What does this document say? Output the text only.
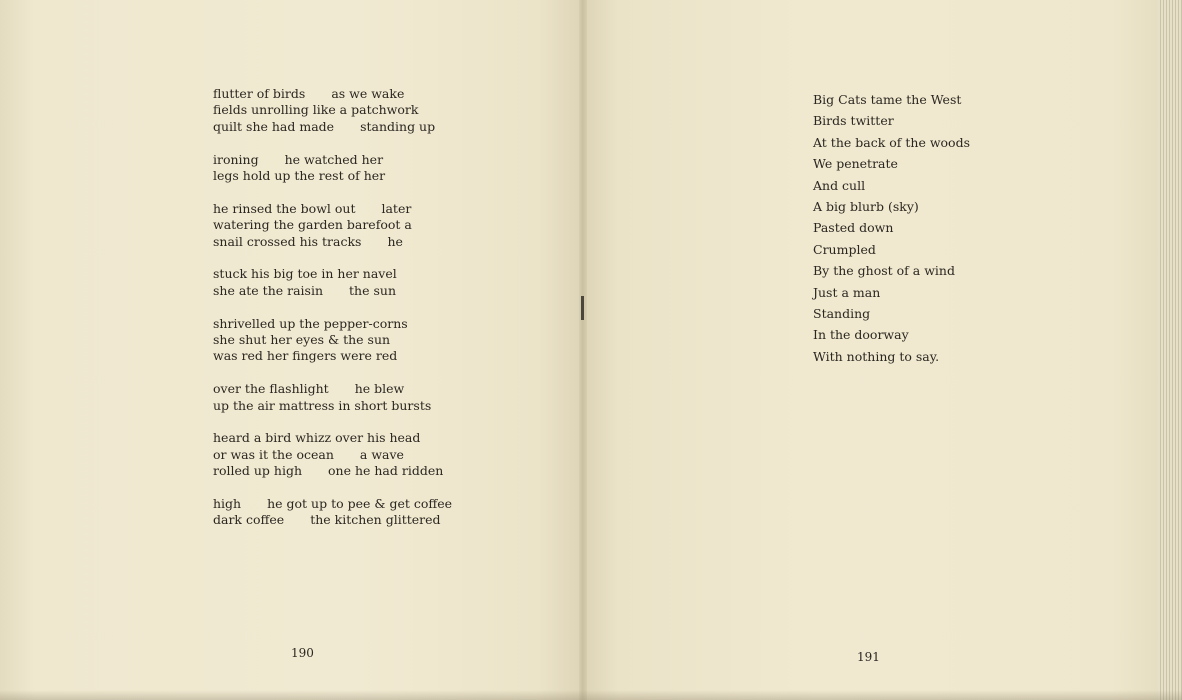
flutter of birds as we wake
fields unrolling like a patchwork
quilt she had made standing up
ironing he watched her
legs hold up the rest of her
he rinsed the bowl out later
watering the garden barefoot a
snail crossed his tracks he
stuck his big toe in her navel
she ate the raisin the sun
shrivelled up the pepper-corns
she shut her eyes & the sun
was red her fingers were red
over the flashlight he blew
up the air mattress in short bursts
heard a bird whizz over his head
or was it the ocean a wave
rolled up high one he had ridden
high he got up to pee & get coffee
dark coffee the kitchen glittered
190
Big Cats tame the West
Birds twitter
At the back of the woods
We penetrate
And cull
A big blurb (sky)
Pasted down
Crumpled
By the ghost of a wind
Just a man
Standing
In the doorway
With nothing to say.
191
